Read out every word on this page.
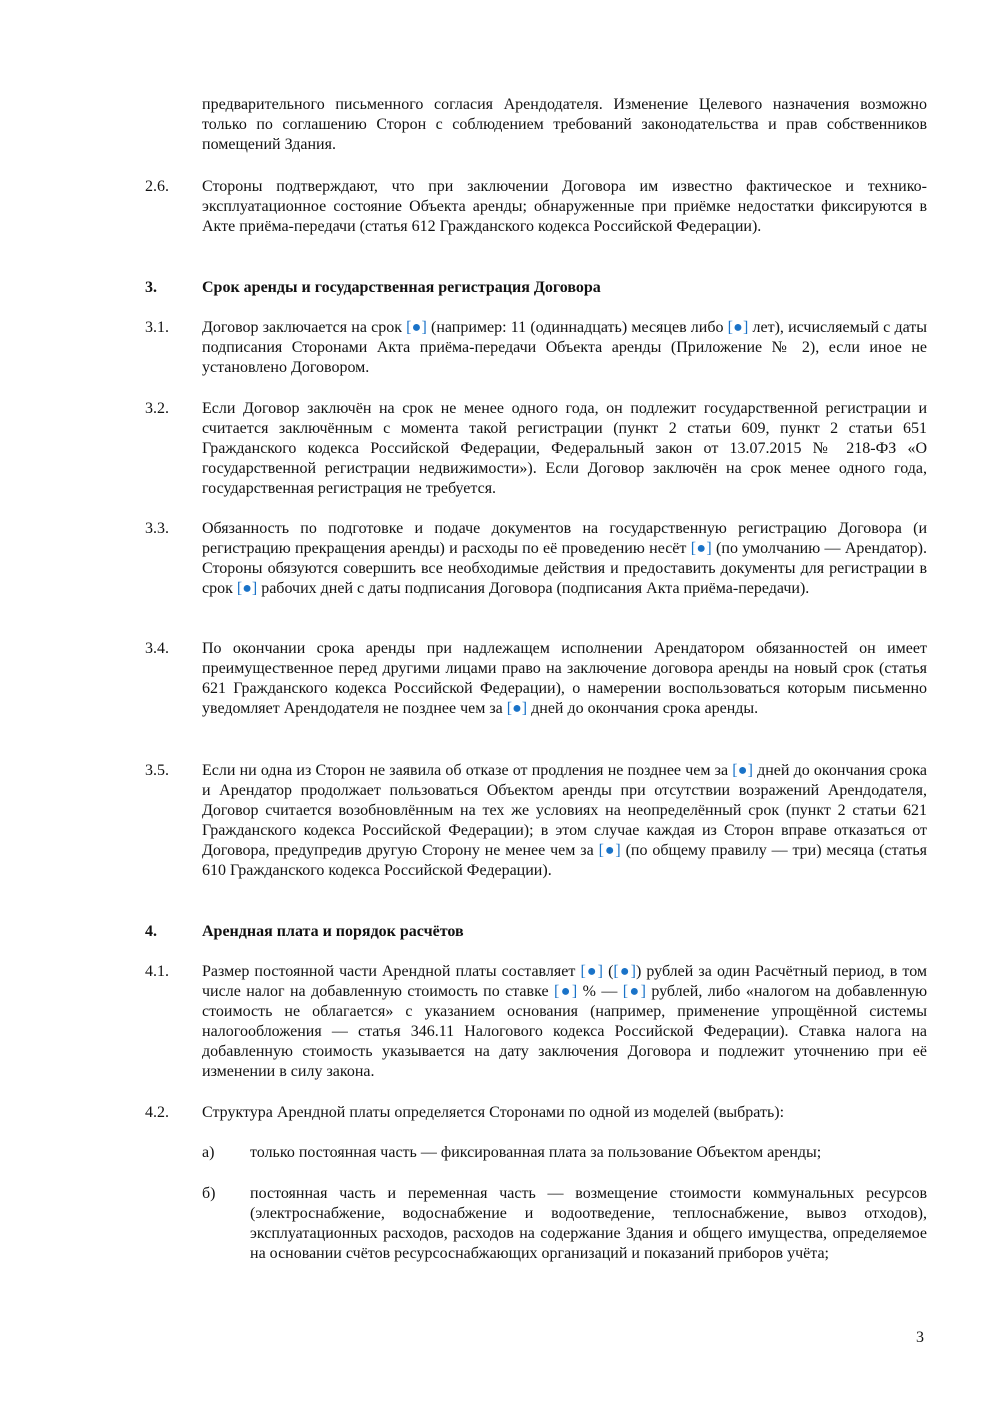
предварительного письменного согласия Арендодателя. Изменение Целевого назначения возможно только по соглашению Сторон с соблюдением требований законодательства и прав собственников помещений Здания.
2.6. Стороны подтверждают, что при заключении Договора им известно фактическое и технико-эксплуатационное состояние Объекта аренды; обнаруженные при приёмке недостатки фиксируются в Акте приёма-передачи (статья 612 Гражданского кодекса Российской Федерации).
3.	Срок аренды и государственная регистрация Договора
3.1. Договор заключается на срок [●] (например: 11 (одиннадцать) месяцев либо [●] лет), исчисляемый с даты подписания Сторонами Акта приёма-передачи Объекта аренды (Приложение № 2), если иное не установлено Договором.
3.2. Если Договор заключён на срок не менее одного года, он подлежит государственной регистрации и считается заключённым с момента такой регистрации (пункт 2 статьи 609, пункт 2 статьи 651 Гражданского кодекса Российской Федерации, Федеральный закон от 13.07.2015 № 218-ФЗ «О государственной регистрации недвижимости»). Если Договор заключён на срок менее одного года, государственная регистрация не требуется.
3.3. Обязанность по подготовке и подаче документов на государственную регистрацию Договора (и регистрацию прекращения аренды) и расходы по её проведению несёт [●] (по умолчанию — Арендатор). Стороны обязуются совершить все необходимые действия и предоставить документы для регистрации в срок [●] рабочих дней с даты подписания Договора (подписания Акта приёма-передачи).
3.4. По окончании срока аренды при надлежащем исполнении Арендатором обязанностей он имеет преимущественное перед другими лицами право на заключение договора аренды на новый срок (статья 621 Гражданского кодекса Российской Федерации), о намерении воспользоваться которым письменно уведомляет Арендодателя не позднее чем за [●] дней до окончания срока аренды.
3.5. Если ни одна из Сторон не заявила об отказе от продления не позднее чем за [●] дней до окончания срока и Арендатор продолжает пользоваться Объектом аренды при отсутствии возражений Арендодателя, Договор считается возобновлённым на тех же условиях на неопределённый срок (пункт 2 статьи 621 Гражданского кодекса Российской Федерации); в этом случае каждая из Сторон вправе отказаться от Договора, предупредив другую Сторону не менее чем за [●] (по общему правилу — три) месяца (статья 610 Гражданского кодекса Российской Федерации).
4.	Арендная плата и порядок расчётов
4.1. Размер постоянной части Арендной платы составляет [●] ([●]) рублей за один Расчётный период, в том числе налог на добавленную стоимость по ставке [●] % — [●] рублей, либо «налогом на добавленную стоимость не облагается» с указанием основания (например, применение упрощённой системы налогообложения — статья 346.11 Налогового кодекса Российской Федерации). Ставка налога на добавленную стоимость указывается на дату заключения Договора и подлежит уточнению при её изменении в силу закона.
4.2. Структура Арендной платы определяется Сторонами по одной из моделей (выбрать):
а) только постоянная часть — фиксированная плата за пользование Объектом аренды;
б) постоянная часть и переменная часть — возмещение стоимости коммунальных ресурсов (электроснабжение, водоснабжение и водоотведение, теплоснабжение, вывоз отходов), эксплуатационных расходов, расходов на содержание Здания и общего имущества, определяемое на основании счётов ресурсоснабжающих организаций и показаний приборов учёта;
3
